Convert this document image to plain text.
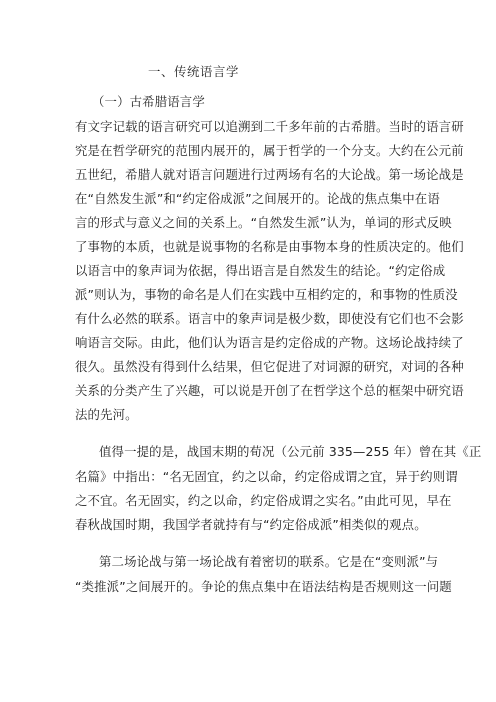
一、传统语言学
（一）古希腊语言学
有文字记载的语言研究可以追溯到二千多年前的古希腊。当时的语言研
究是在哲学研究的范围内展开的，属于哲学的一个分支。大约在公元前
五世纪，希腊人就对语言问题进行过两场有名的大论战。第一场论战是
在“自然发生派”和“约定俗成派”之间展开的。论战的焦点集中在语
言的形式与意义之间的关系上。“自然发生派”认为，单词的形式反映
了事物的本质，也就是说事物的名称是由事物本身的性质决定的。他们
以语言中的象声词为依据，得出语言是自然发生的结论。“约定俗成
派”则认为，事物的命名是人们在实践中互相约定的，和事物的性质没
有什么必然的联系。语言中的象声词是极少数，即使没有它们也不会影
响语言交际。由此，他们认为语言是约定俗成的产物。这场论战持续了
很久。虽然没有得到什么结果，但它促进了对词源的研究，对词的各种
关系的分类产生了兴趣，可以说是开创了在哲学这个总的框架中研究语
法的先河。
值得一提的是，战国末期的荀况（公元前 335—255 年）曾在其《正
名篇》中指出：“名无固宜，约之以命，约定俗成谓之宜，异于约则谓
之不宜。名无固实，约之以命，约定俗成谓之实名。”由此可见，早在
春秋战国时期，我国学者就持有与“约定俗成派”相类似的观点。
第二场论战与第一场论战有着密切的联系。它是在“变则派”与
“类推派”之间展开的。争论的焦点集中在语法结构是否规则这一问题
